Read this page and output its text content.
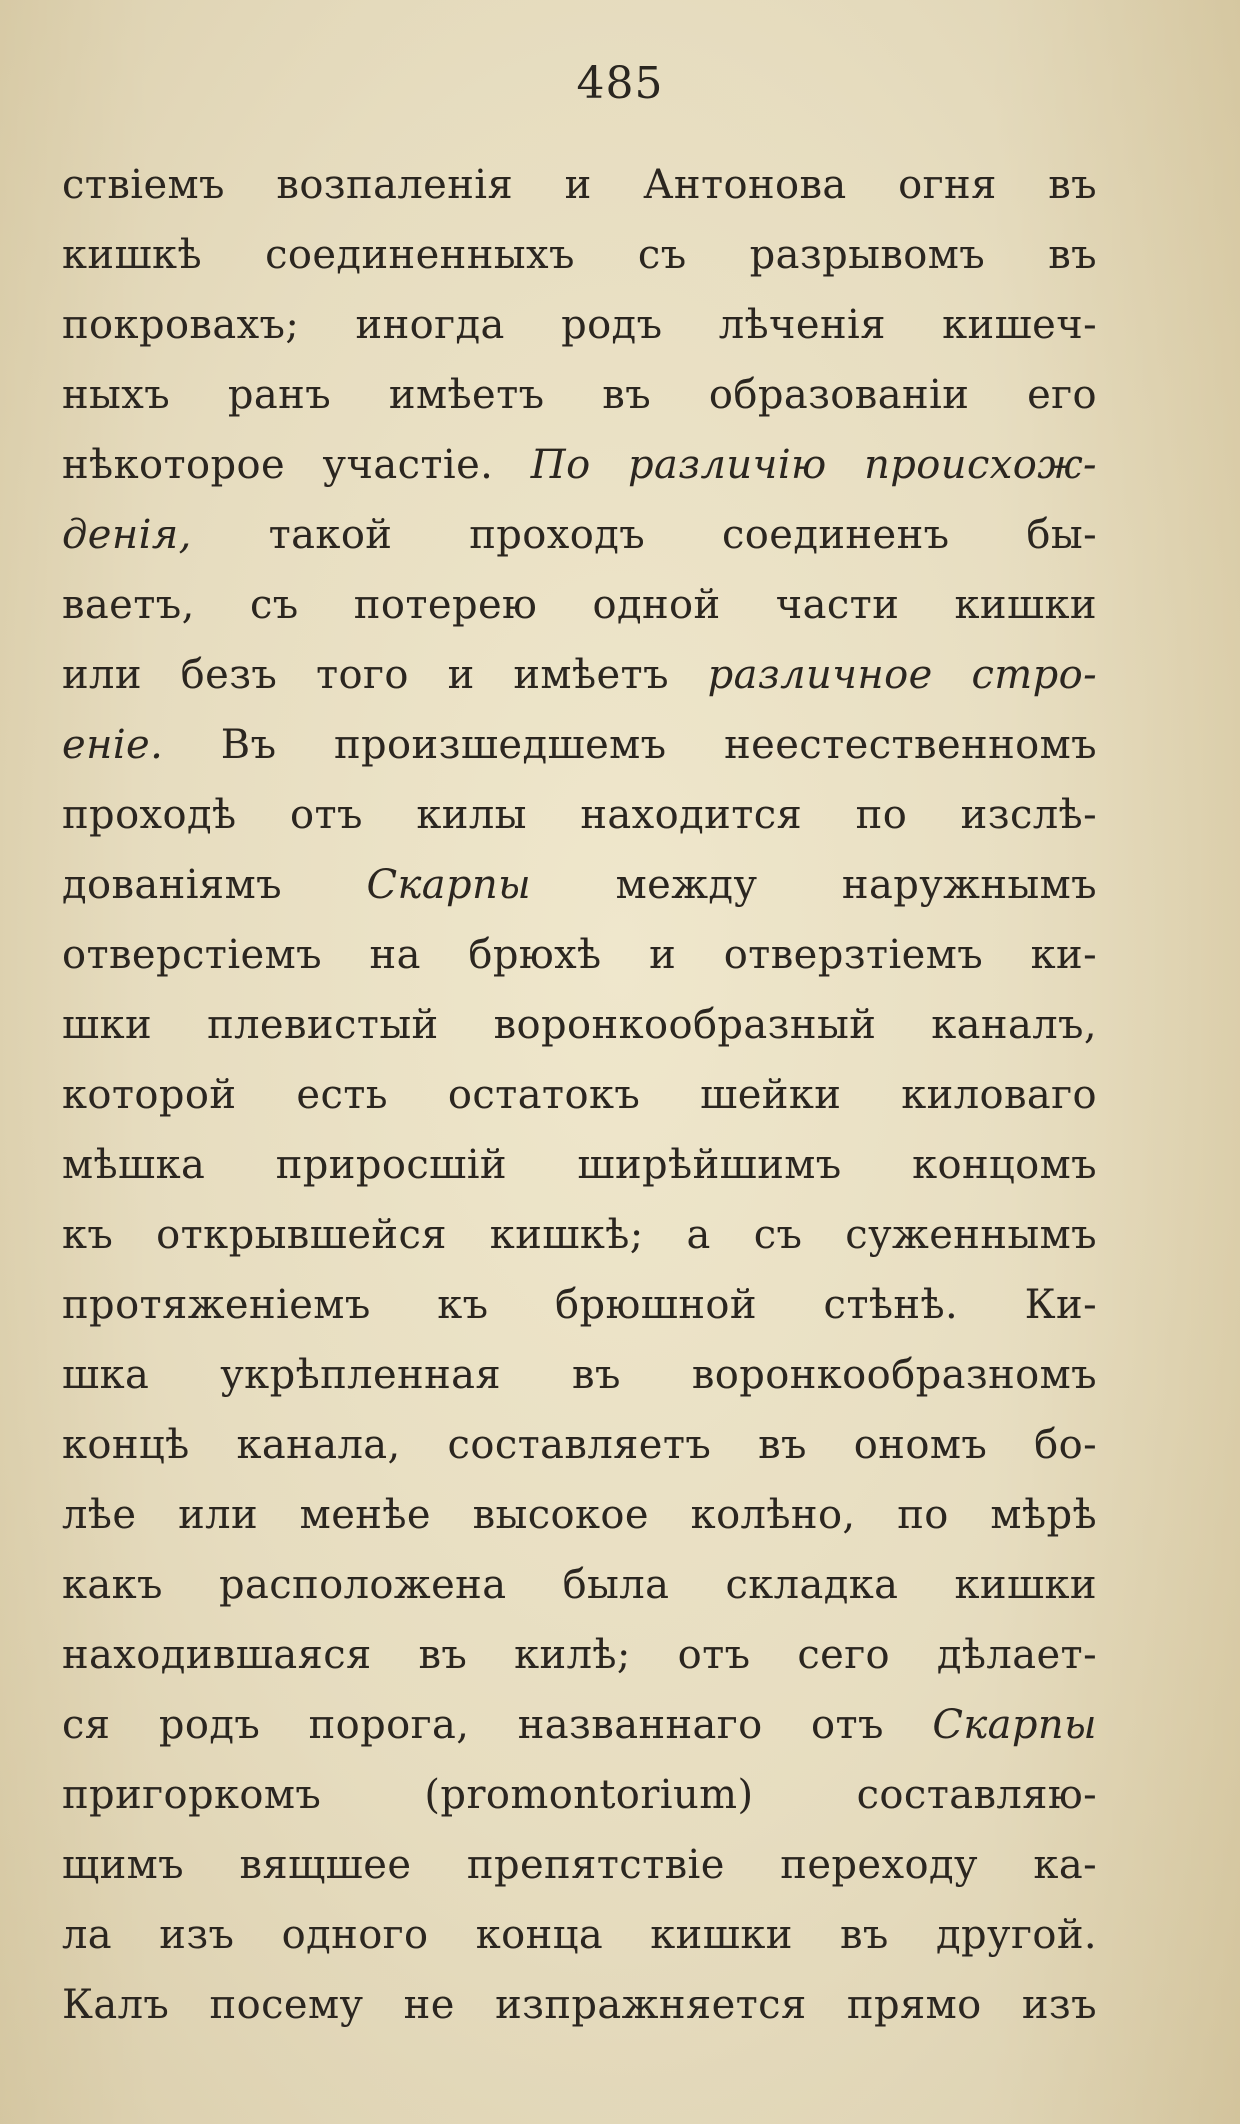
485
ствіемъ возпаленія и Антонова огня въ
кишкѣ соединенныхъ съ разрывомъ въ
покровахъ; иногда родъ лѣченія кишеч-
ныхъ ранъ имѣетъ въ образованіи его
нѣкоторое участіе. По различію происхож-
денія, такой проходъ соединенъ бы-
ваетъ, съ потерею одной части кишки
или безъ того и имѣетъ различное стро-
еніе. Въ произшедшемъ неестественномъ
проходѣ отъ килы находится по изслѣ-
дованіямъ Скарпы между наружнымъ
отверстіемъ на брюхѣ и отверзтіемъ ки-
шки плевистый воронкообразный каналъ,
которой есть остатокъ шейки киловаго
мѣшка приросшій ширѣйшимъ концомъ
къ открывшейся кишкѣ; а съ суженнымъ
протяженіемъ къ брюшной стѣнѣ. Ки-
шка укрѣпленная въ воронкообразномъ
концѣ канала, составляетъ въ ономъ бо-
лѣе или менѣе высокое колѣно, по мѣрѣ
какъ расположена была складка кишки
находившаяся въ килѣ; отъ сего дѣлает-
ся родъ порога, названнаго отъ Скарпы
пригоркомъ (promontorium) составляю-
щимъ вящшее препятствіе переходу ка-
ла изъ одного конца кишки въ другой.
Калъ посему не изпражняется прямо изъ
